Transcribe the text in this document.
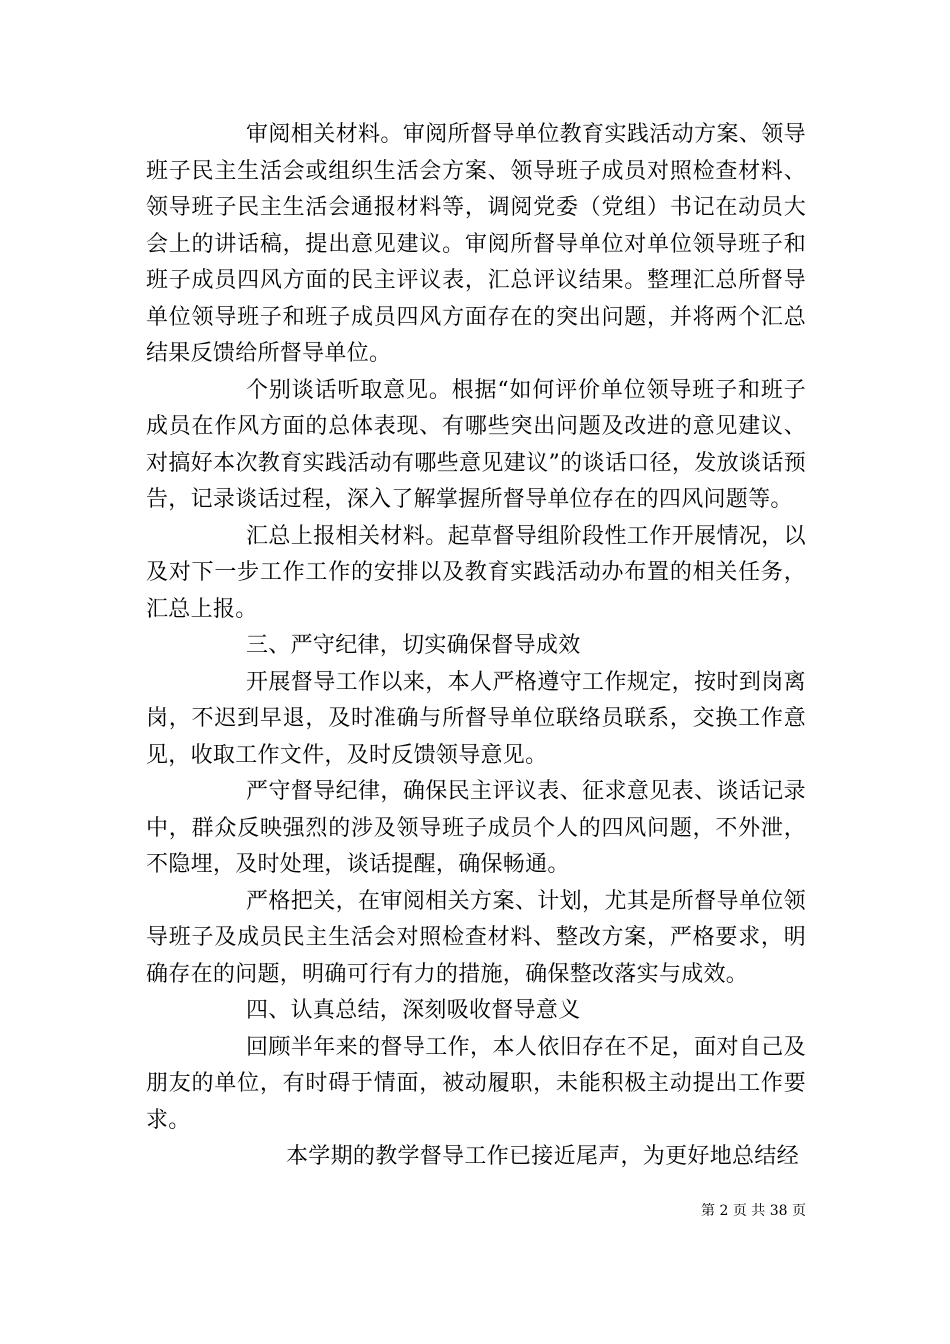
审阅相关材料。审阅所督导单位教育实践活动方案、领导班子民主生活会或组织生活会方案、领导班子成员对照检查材料、领导班子民主生活会通报材料等，调阅党委（党组）书记在动员大会上的讲话稿，提出意见建议。审阅所督导单位对单位领导班子和班子成员四风方面的民主评议表，汇总评议结果。整理汇总所督导单位领导班子和班子成员四风方面存在的突出问题，并将两个汇总结果反馈给所督导单位。

个别谈话听取意见。根据“如何评价单位领导班子和班子成员在作风方面的总体表现、有哪些突出问题及改进的意见建议、对搞好本次教育实践活动有哪些意见建议”的谈话口径，发放谈话预告，记录谈话过程，深入了解掌握所督导单位存在的四风问题等。

汇总上报相关材料。起草督导组阶段性工作开展情况，以及对下一步工作工作的安排以及教育实践活动办布置的相关任务，汇总上报。

三、严守纪律，切实确保督导成效

开展督导工作以来，本人严格遵守工作规定，按时到岗离岗，不迟到早退，及时准确与所督导单位联络员联系，交换工作意见，收取工作文件，及时反馈领导意见。

严守督导纪律，确保民主评议表、征求意见表、谈话记录中，群众反映强烈的涉及领导班子成员个人的四风问题，不外泄，不隐埋，及时处理，谈话提醒，确保畅通。

严格把关，在审阅相关方案、计划，尤其是所督导单位领导班子及成员民主生活会对照检查材料、整改方案，严格要求，明确存在的问题，明确可行有力的措施，确保整改落实与成效。

四、认真总结，深刻吸收督导意义

回顾半年来的督导工作，本人依旧存在不足，面对自己及朋友的单位，有时碍于情面，被动履职，未能积极主动提出工作要求。

本学期的教学督导工作已接近尾声，为更好地总结经

第 2 页 共 38 页
